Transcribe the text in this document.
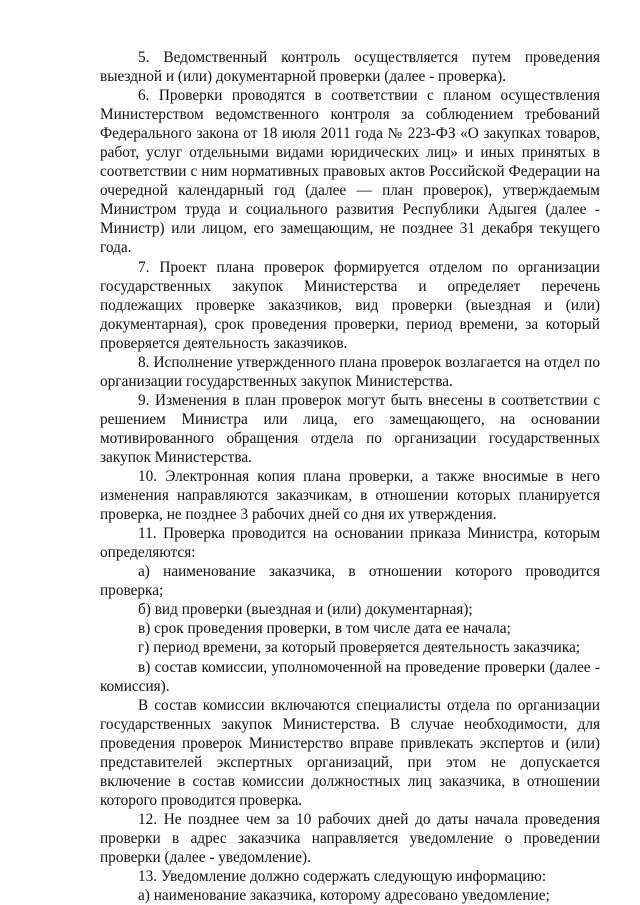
5. Ведомственный контроль осуществляется путем проведения выездной и (или) документарной проверки (далее - проверка).

6. Проверки проводятся в соответствии с планом осуществления Министерством ведомственного контроля за соблюдением требований Федерального закона от 18 июля 2011 года № 223-ФЗ «О закупках товаров, работ, услуг отдельными видами юридических лиц» и иных принятых в соответствии с ним нормативных правовых актов Российской Федерации на очередной календарный год (далее — план проверок), утверждаемым Министром труда и социального развития Республики Адыгея (далее - Министр) или лицом, его замещающим, не позднее 31 декабря текущего года.

7. Проект плана проверок формируется отделом по организации государственных закупок Министерства и определяет перечень подлежащих проверке заказчиков, вид проверки (выездная и (или) документарная), срок проведения проверки, период времени, за который проверяется деятельность заказчиков.

8. Исполнение утвержденного плана проверок возлагается на отдел по организации государственных закупок Министерства.

9. Изменения в план проверок могут быть внесены в соответствии с решением Министра или лица, его замещающего, на основании мотивированного обращения отдела по организации государственных закупок Министерства.

10. Электронная копия плана проверки, а также вносимые в него изменения направляются заказчикам, в отношении которых планируется проверка, не позднее 3 рабочих дней со дня их утверждения.

11. Проверка проводится на основании приказа Министра, которым определяются:

а) наименование заказчика, в отношении которого проводится проверка;

б) вид проверки (выездная и (или) документарная);

в) срок проведения проверки, в том числе дата ее начала;

г) период времени, за который проверяется деятельность заказчика;

в) состав комиссии, уполномоченной на проведение проверки (далее - комиссия).

В состав комиссии включаются специалисты отдела по организации государственных закупок Министерства. В случае необходимости, для проведения проверок Министерство вправе привлекать экспертов и (или) представителей экспертных организаций, при этом не допускается включение в состав комиссии должностных лиц заказчика, в отношении которого проводится проверка.

12. Не позднее чем за 10 рабочих дней до даты начала проведения проверки в адрес заказчика направляется уведомление о проведении проверки (далее - уведомление).

13. Уведомление должно содержать следующую информацию:

а) наименование заказчика, которому адресовано уведомление;
